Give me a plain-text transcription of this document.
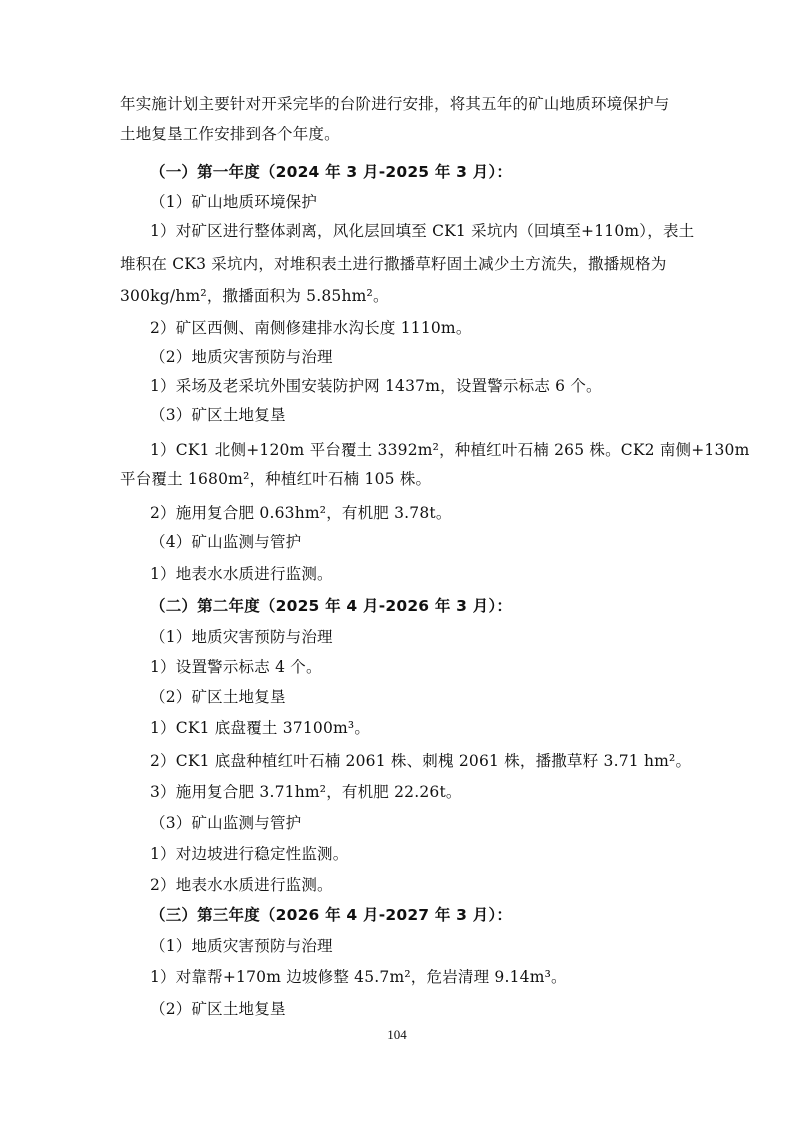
年实施计划主要针对开采完毕的台阶进行安排，将其五年的矿山地质环境保护与
土地复垦工作安排到各个年度。
（一）第一年度（2024 年 3 月-2025 年 3 月）：
（1）矿山地质环境保护
1）对矿区进行整体剥离，风化层回填至 CK1 采坑内（回填至+110m），表土
堆积在 CK3 采坑内，对堆积表土进行撒播草籽固土减少土方流失，撒播规格为
300kg/hm²，撒播面积为 5.85hm²。
2）矿区西侧、南侧修建排水沟长度 1110m。
（2）地质灾害预防与治理
1）采场及老采坑外围安装防护网 1437m，设置警示标志 6 个。
（3）矿区土地复垦
1）CK1 北侧+120m 平台覆土 3392m²，种植红叶石楠 265 株。CK2 南侧+130m
平台覆土 1680m²，种植红叶石楠 105 株。
2）施用复合肥 0.63hm²，有机肥 3.78t。
（4）矿山监测与管护
1）地表水水质进行监测。
（二）第二年度（2025 年 4 月-2026 年 3 月）：
（1）地质灾害预防与治理
1）设置警示标志 4 个。
（2）矿区土地复垦
1）CK1 底盘覆土 37100m³。
2）CK1 底盘种植红叶石楠 2061 株、刺槐 2061 株，播撒草籽 3.71 hm²。
3）施用复合肥 3.71hm²，有机肥 22.26t。
（3）矿山监测与管护
1）对边坡进行稳定性监测。
2）地表水水质进行监测。
（三）第三年度（2026 年 4 月-2027 年 3 月）：
（1）地质灾害预防与治理
1）对靠帮+170m 边坡修整 45.7m²，危岩清理 9.14m³。
（2）矿区土地复垦
104
